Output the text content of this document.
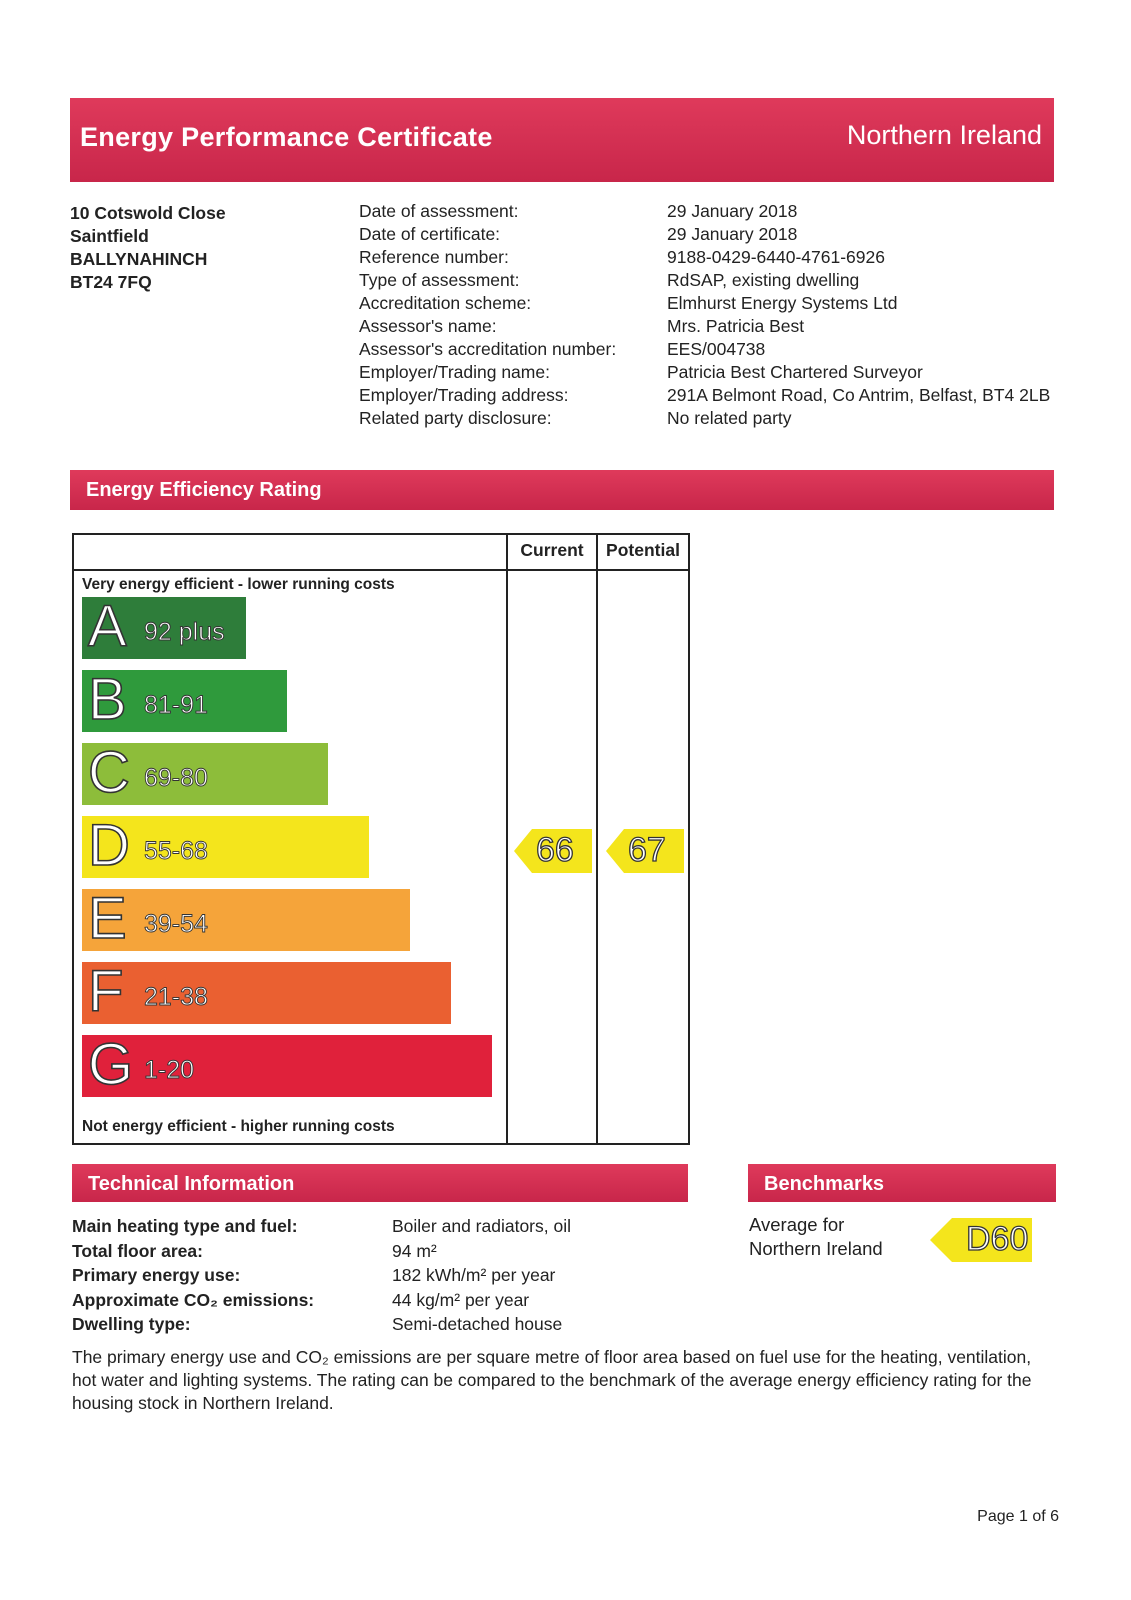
Energy Performance Certificate	Northern Ireland
10 Cotswold Close
Saintfield
BALLYNAHINCH
BT24 7FQ
Date of assessment:	29 January 2018
Date of certificate:	29 January 2018
Reference number:	9188-0429-6440-4761-6926
Type of assessment:	RdSAP, existing dwelling
Accreditation scheme:	Elmhurst Energy Systems Ltd
Assessor's name:	Mrs. Patricia Best
Assessor's accreditation number:	EES/004738
Employer/Trading name:	Patricia Best Chartered Surveyor
Employer/Trading address:	291A Belmont Road, Co Antrim, Belfast, BT4 2LB
Related party disclosure:	No related party
Energy Efficiency Rating
Current	Potential
Very energy efficient - lower running costs
Not energy efficient - higher running costs
A 92 plus
B 81-91
C 69-80
D 55-68
E 39-54
F 21-38
G 1-20
66 67
Technical Information	Benchmarks
Main heating type and fuel:	Boiler and radiators, oil
Total floor area:	94 m²
Primary energy use:	182 kWh/m² per year
Approximate CO₂ emissions:	44 kg/m² per year
Dwelling type:	Semi-detached house
Average for Northern Ireland	D60
The primary energy use and CO₂ emissions are per square metre of floor area based on fuel use for the heating, ventilation, hot water and lighting systems. The rating can be compared to the benchmark of the average energy efficiency rating for the housing stock in Northern Ireland.
Page 1 of 6
